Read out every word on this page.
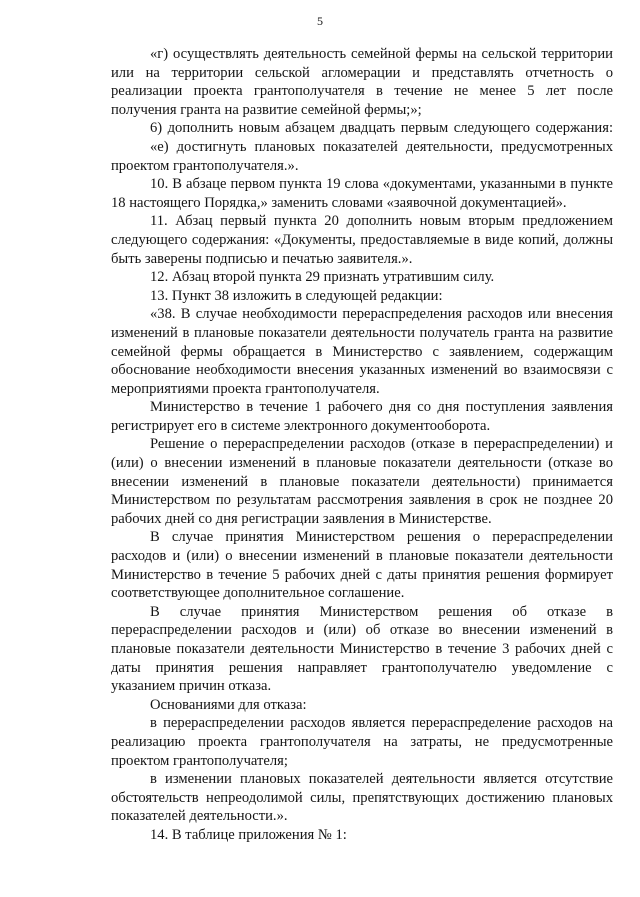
5

«г) осуществлять деятельность семейной фермы на сельской территории или на территории сельской агломерации и представлять отчетность о реализации проекта грантополучателя в течение не менее 5 лет после получения гранта на развитие семейной фермы;»;

6) дополнить новым абзацем двадцать первым следующего содержания:

«е) достигнуть плановых показателей деятельности, предусмотренных проектом грантополучателя.».

10. В абзаце первом пункта 19 слова «документами, указанными в пункте 18 настоящего Порядка,» заменить словами «заявочной документацией».

11. Абзац первый пункта 20 дополнить новым вторым предложением следующего содержания: «Документы, предоставляемые в виде копий, должны быть заверены подписью и печатью заявителя.».

12. Абзац второй пункта 29 признать утратившим силу.

13. Пункт 38 изложить в следующей редакции:

«38. В случае необходимости перераспределения расходов или внесения изменений в плановые показатели деятельности получатель гранта на развитие семейной фермы обращается в Министерство с заявлением, содержащим обоснование необходимости внесения указанных изменений во взаимосвязи с мероприятиями проекта грантополучателя.

Министерство в течение 1 рабочего дня со дня поступления заявления регистрирует его в системе электронного документооборота.

Решение о перераспределении расходов (отказе в перераспределении) и (или) о внесении изменений в плановые показатели деятельности (отказе во внесении изменений в плановые показатели деятельности) принимается Министерством по результатам рассмотрения заявления в срок не позднее 20 рабочих дней со дня регистрации заявления в Министерстве.

В случае принятия Министерством решения о перераспределении расходов и (или) о внесении изменений в плановые показатели деятельности Министерство в течение 5 рабочих дней с даты принятия решения формирует соответствующее дополнительное соглашение.

В случае принятия Министерством решения об отказе в перераспределении расходов и (или) об отказе во внесении изменений в плановые показатели деятельности Министерство в течение 3 рабочих дней с даты принятия решения направляет грантополучателю уведомление с указанием причин отказа.

Основаниями для отказа:

в перераспределении расходов является перераспределение расходов на реализацию проекта грантополучателя на затраты, не предусмотренные проектом грантополучателя;

в изменении плановых показателей деятельности является отсутствие обстоятельств непреодолимой силы, препятствующих достижению плановых показателей деятельности.».

14. В таблице приложения № 1:
